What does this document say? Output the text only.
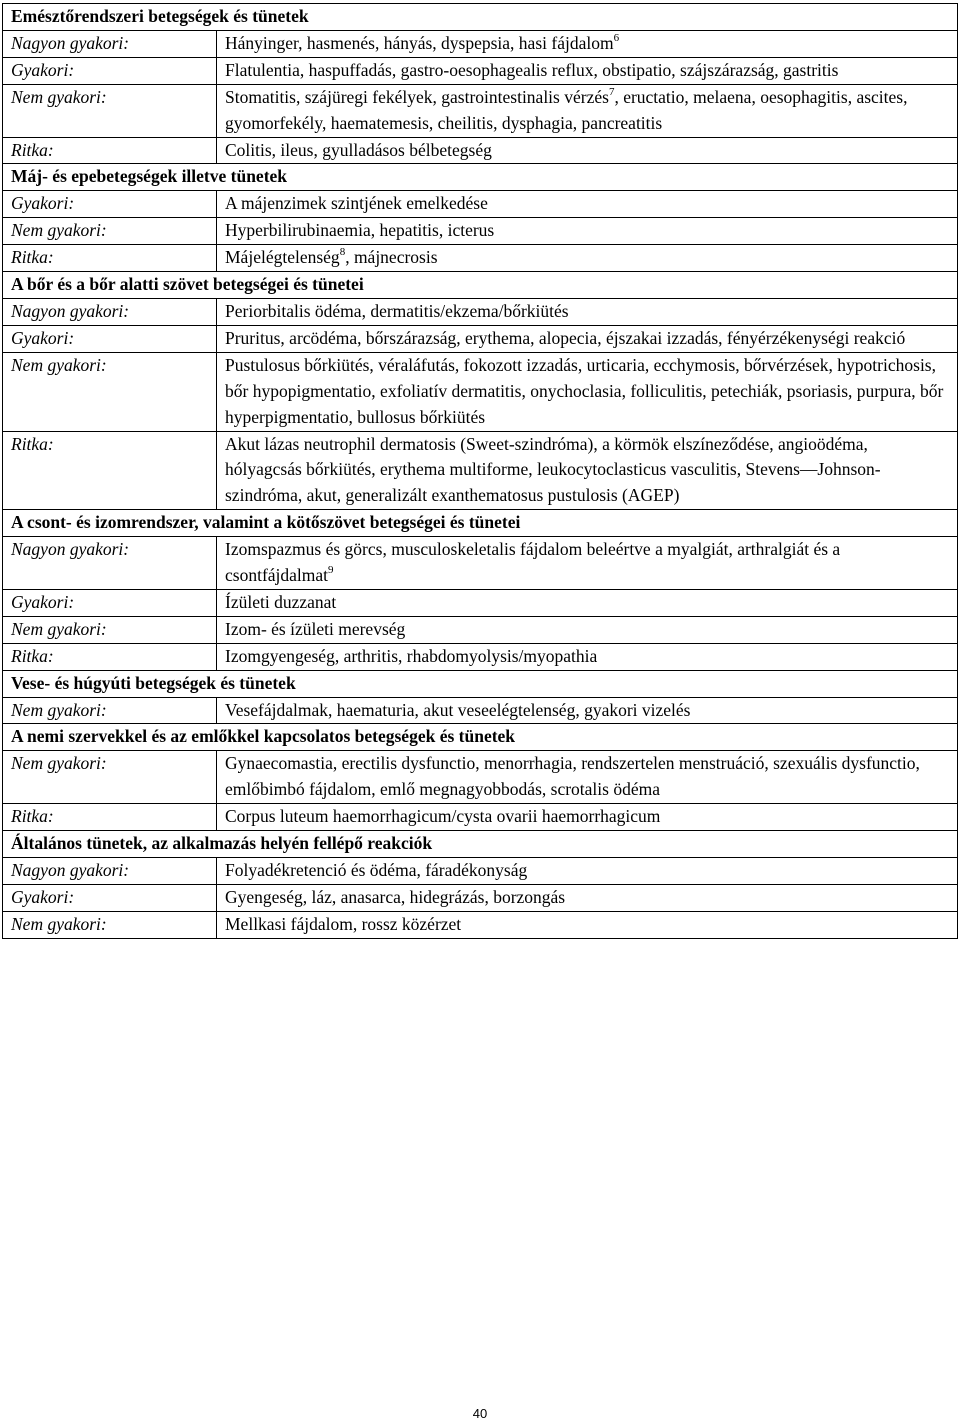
Emésztőrendszeri betegségek és tünetek	
Nagyon gyakori:	Hányinger, hasmenés, hányás, dyspepsia, hasi fájdalom$^6$
Gyakori:	Flatulentia, haspuffadás, gastro-oesophagealis reflux, obstipatio, szájszárazság, gastritis
Nem gyakori:	Stomatitis, szájüregi fekélyek, gastrointestinalis vérzés$^7$, eructatio, melaena, oesophagitis, ascites, gyomorfekély, haematemesis, cheilitis, dysphagia, pancreatitis
Ritka:	Colitis, ileus, gyulladásos bélbetegség
Máj- és epebetegségek illetve tünetek	
Gyakori:	A májenzimek szintjének emelkedése
Nem gyakori:	Hyperbilirubinaemia, hepatitis, icterus
Ritka:	Májelégtelenség$^8$, májnecrosis
A bőr és a bőr alatti szövet betegségei és tünetei	
Nagyon gyakori:	Periorbitalis ödéma, dermatitis/ekzema/bőrkiütés
Gyakori:	Pruritus, arcödéma, bőrszárazság, erythema, alopecia, éjszakai izzadás, fényérzékenységi reakció
Nem gyakori:	Pustulosus bőrkiütés, véraláfutás, fokozott izzadás, urticaria, ecchymosis, bőrvérzések, hypotrichosis, bőr hypopigmentatio, exfoliatív dermatitis, onychoclasia, folliculitis, petechiák, psoriasis, purpura, bőr hyperpigmentatio, bullosus bőrkiütés
Ritka:	Akut lázas neutrophil dermatosis (Sweet-szindróma), a körmök elszíneződése, angioödéma, hólyagcsás bőrkiütés, erythema multiforme, leukocytoclasticus vasculitis, Stevens—Johnson-szindróma, akut, generalizált exanthematosus pustulosis (AGEP)
A csont- és izomrendszer, valamint a kötőszövet betegségei és tünetei	
Nagyon gyakori:	Izomspazmus és görcs, musculoskeletalis fájdalom beleértve a myalgiát, arthralgiát és a csontfájdalmat$^9$
Gyakori:	Ízületi duzzanat
Nem gyakori:	Izom- és ízületi merevség
Ritka:	Izomgyengeség, arthritis, rhabdomyolysis/myopathia
Vese- és húgyúti betegségek és tünetek	
Nem gyakori:	Vesefájdalmak, haematuria, akut veseelégtelenség, gyakori vizelés
A nemi szervekkel és az emlőkkel kapcsolatos betegségek és tünetek	
Nem gyakori:	Gynaecomastia, erectilis dysfunctio, menorrhagia, rendszertelen menstruáció, szexuális dysfunctio, emlőbimbó fájdalom, emlő megnagyobbodás, scrotalis ödéma
Ritka:	Corpus luteum haemorrhagicum/cysta ovarii haemorrhagicum
Általános tünetek, az alkalmazás helyén fellépő reakciók	
Nagyon gyakori:	Folyadékretenció és ödéma, fáradékonyság
Gyakori:	Gyengeség, láz, anasarca, hidegrázás, borzongás
Nem gyakori:	Mellkasi fájdalom, rossz közérzet
40
